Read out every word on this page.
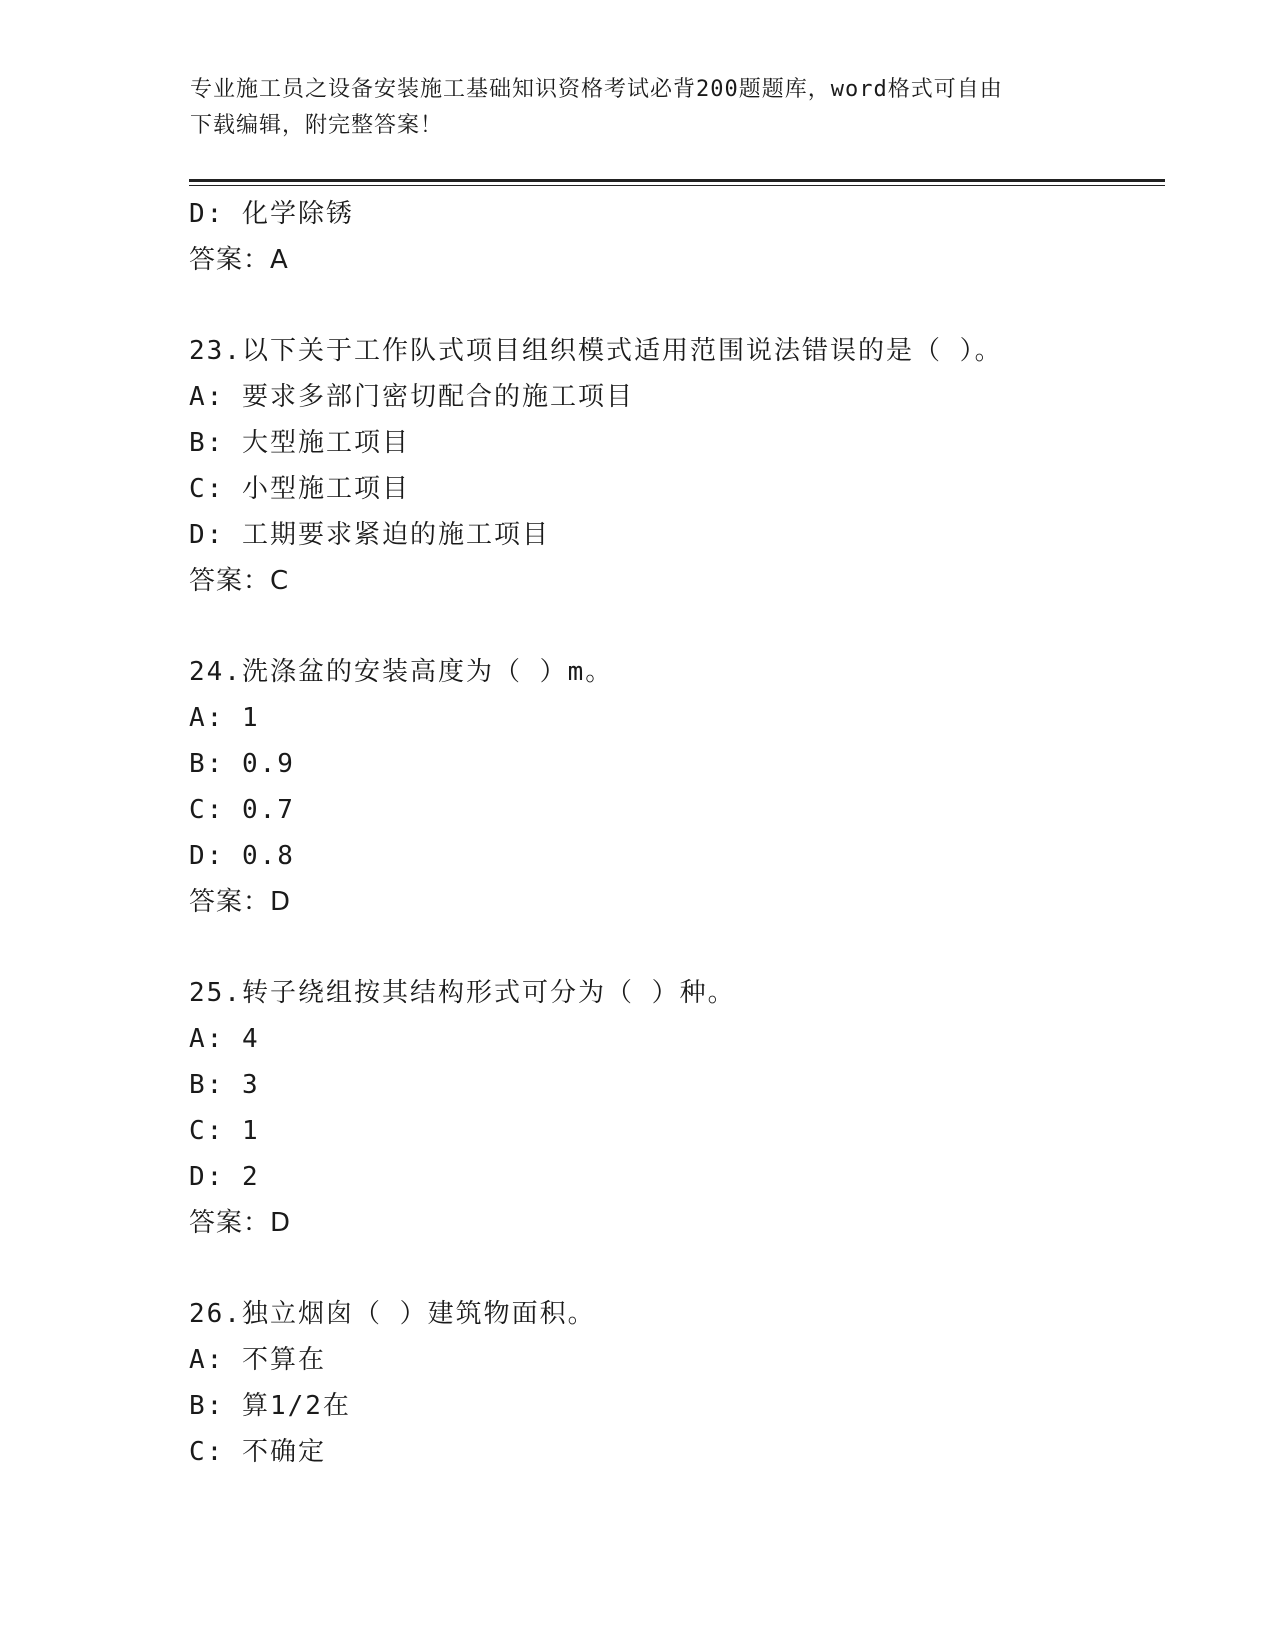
专业施工员之设备安装施工基础知识资格考试必背200题题库，word格式可自由
下载编辑，附完整答案！
D: 化学除锈
答案：A
23.以下关于工作队式项目组织模式适用范围说法错误的是（ ）。
A: 要求多部门密切配合的施工项目
B: 大型施工项目
C: 小型施工项目
D: 工期要求紧迫的施工项目
答案：C
24.洗涤盆的安装高度为（ ）m。
A: 1
B: 0.9
C: 0.7
D: 0.8
答案：D
25.转子绕组按其结构形式可分为（ ）种。
A: 4
B: 3
C: 1
D: 2
答案：D
26.独立烟囱（ ）建筑物面积。
A: 不算在
B: 算1/2在
C: 不确定
